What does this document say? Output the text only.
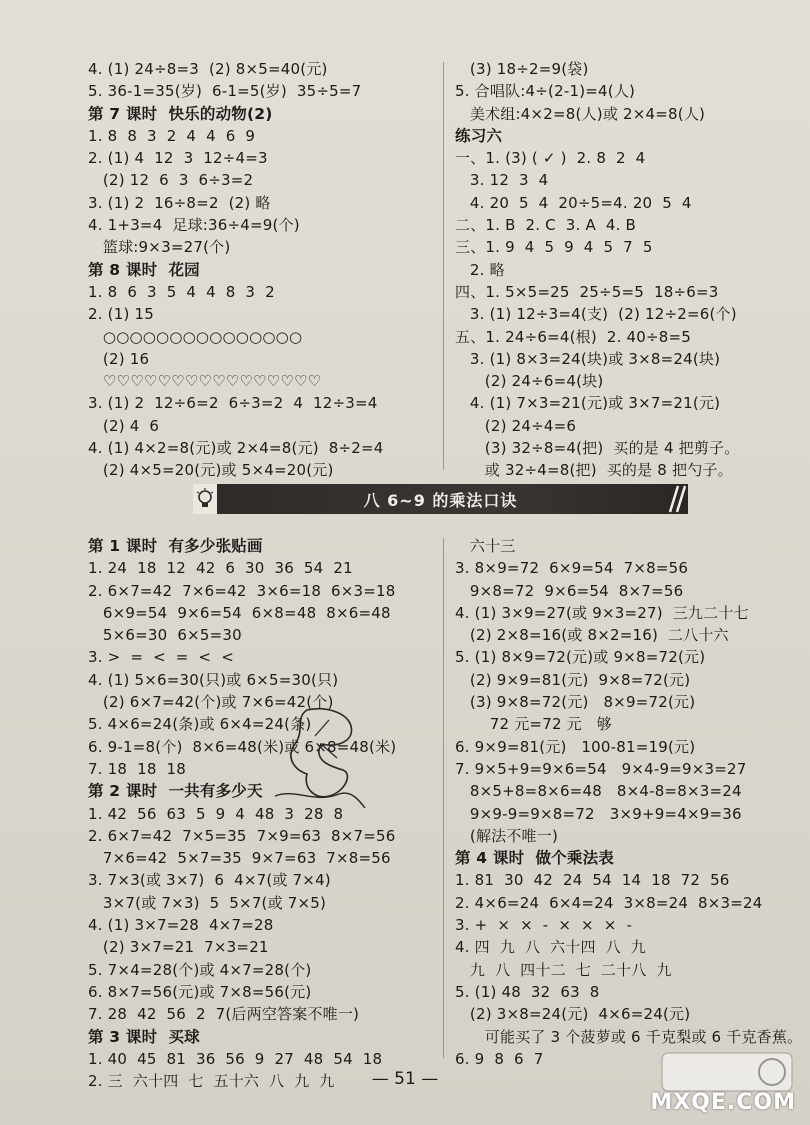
4. (1) 24÷8=3  (2) 8×5=40(元)
5. 36-1=35(岁)  6-1=5(岁)  35÷5=7
第 7 课时  快乐的动物(2)
1. 8  8  3  2  4  4  6  9
2. (1) 4  12  3  12÷4=3
(2) 12  6  3  6÷3=2
3. (1) 2  16÷8=2  (2) 略
4. 1+3=4  足球:36÷4=9(个)
篮球:9×3=27(个)
第 8 课时  花园
1. 8  6  3  5  4  4  8  3  2
2. (1) 15
○○○○○○○○○○○○○○○
(2) 16
♡♡♡♡♡♡♡♡♡♡♡♡♡♡♡♡
3. (1) 2  12÷6=2  6÷3=2  4  12÷3=4
(2) 4  6
4. (1) 4×2=8(元)或 2×4=8(元)  8÷2=4
(2) 4×5=20(元)或 5×4=20(元)
(3) 18÷2=9(袋)
5. 合唱队:4÷(2-1)=4(人)
美术组:4×2=8(人)或 2×4=8(人)
练习六
一、1. (3) ( ✓ )  2. 8  2  4
3. 12  3  4
4. 20  5  4  20÷5=4. 20  5  4
二、1. B  2. C  3. A  4. B
三、1. 9  4  5  9  4  5  7  5
2. 略
四、1. 5×5=25  25÷5=5  18÷6=3
3. (1) 12÷3=4(支)  (2) 12÷2=6(个)
五、1. 24÷6=4(根)  2. 40÷8=5
3. (1) 8×3=24(块)或 3×8=24(块)
(2) 24÷6=4(块)
4. (1) 7×3=21(元)或 3×7=21(元)
(2) 24÷4=6
(3) 32÷8=4(把)  买的是 4 把剪子。
或 32÷4=8(把)  买的是 8 把勺子。
八 6~9 的乘法口诀
第 1 课时  有多少张贴画
1. 24  18  12  42  6  30  36  54  21
2. 6×7=42  7×6=42  3×6=18  6×3=18
6×9=54  9×6=54  6×8=48  8×6=48
5×6=30  6×5=30
3. >  =  <  =  <  <
4. (1) 5×6=30(只)或 6×5=30(只)
(2) 6×7=42(个)或 7×6=42(个)
5. 4×6=24(条)或 6×4=24(条)
6. 9-1=8(个)  8×6=48(米)或 6×8=48(米)
7. 18  18  18
第 2 课时  一共有多少天
1. 42  56  63  5  9  4  48  3  28  8
2. 6×7=42  7×5=35  7×9=63  8×7=56
7×6=42  5×7=35  9×7=63  7×8=56
3. 7×3(或 3×7)  6  4×7(或 7×4)
3×7(或 7×3)  5  5×7(或 7×5)
4. (1) 3×7=28  4×7=28
(2) 3×7=21  7×3=21
5. 7×4=28(个)或 4×7=28(个)
6. 8×7=56(元)或 7×8=56(元)
7. 28  42  56  2  7(后两空答案不唯一)
第 3 课时  买球
1. 40  45  81  36  56  9  27  48  54  18
2. 三  六十四  七  五十六  八  九  九
六十三
3. 8×9=72  6×9=54  7×8=56
9×8=72  9×6=54  8×7=56
4. (1) 3×9=27(或 9×3=27)  三九二十七
(2) 2×8=16(或 8×2=16)  二八十六
5. (1) 8×9=72(元)或 9×8=72(元)
(2) 9×9=81(元)  9×8=72(元)
(3) 9×8=72(元)   8×9=72(元)
72 元=72 元   够
6. 9×9=81(元)   100-81=19(元)
7. 9×5+9=9×6=54   9×4-9=9×3=27
8×5+8=8×6=48   8×4-8=8×3=24
9×9-9=9×8=72   3×9+9=4×9=36
(解法不唯一)
第 4 课时  做个乘法表
1. 81  30  42  24  54  14  18  72  56
2. 4×6=24  6×4=24  3×8=24  8×3=24
3. +  ×  ×  -  ×  ×  ×  -
4. 四  九  八  六十四  八  九
九  八  四十二  七  二十八  九
5. (1) 48  32  63  8
(2) 3×8=24(元)  4×6=24(元)
可能买了 3 个菠萝或 6 千克梨或 6 千克香蕉。
6. 9  8  6  7
— 51 —
MXQE.COM
